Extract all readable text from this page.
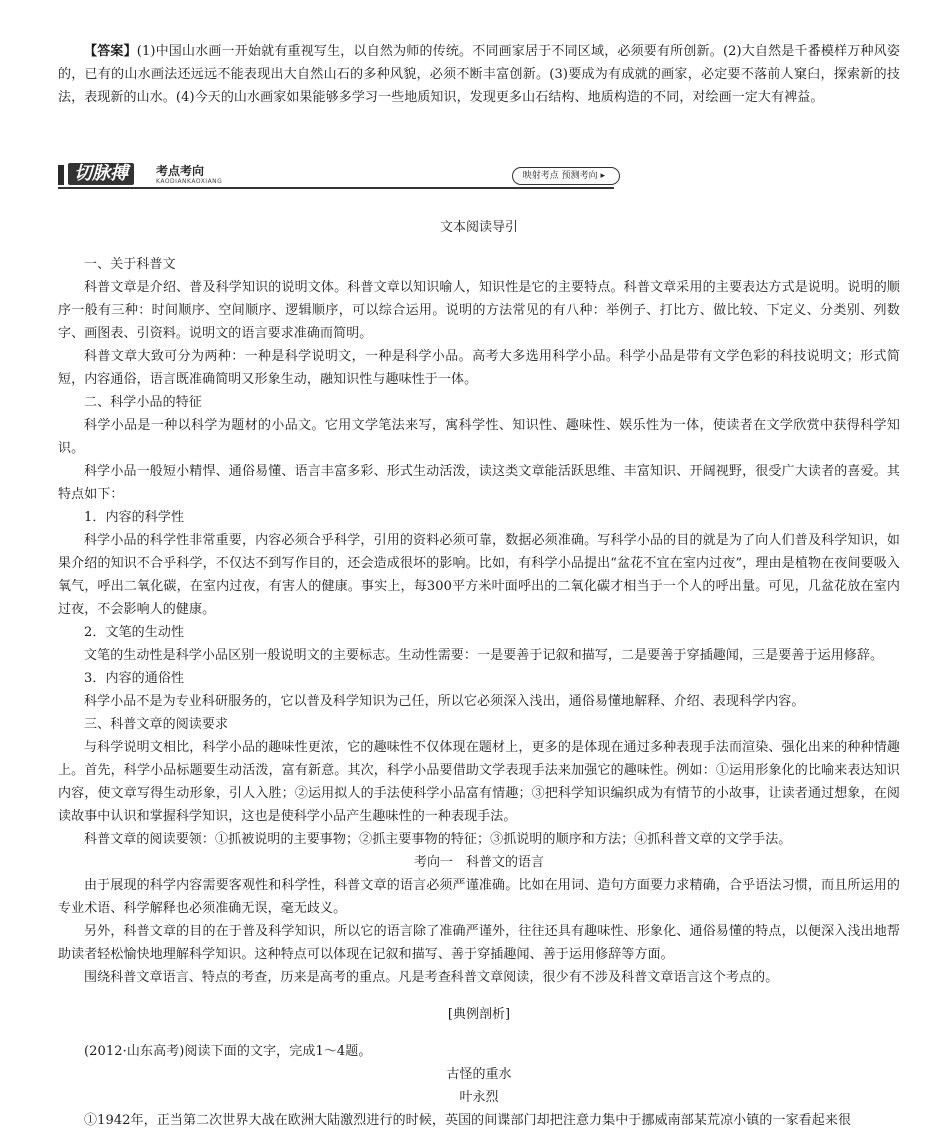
【答案】(1)中国山水画一开始就有重视写生，以自然为师的传统。不同画家居于不同区域，必须要有所创新。(2)大自然是千番模样万种风姿的，已有的山水画法还远远不能表现出大自然山石的多种风貌，必须不断丰富创新。(3)要成为有成就的画家，必定要不落前人窠臼，探索新的技法，表现新的山水。(4)今天的山水画家如果能够多学习一些地质知识，发现更多山石结构、地质构造的不同，对绘画一定大有裨益。

切脉搏	考点考向
KAODIANKAOXIANG
映射考点 预测考向 ▸
文本阅读导引

一、关于科普文

科普文章是介绍、普及科学知识的说明文体。科普文章以知识喻人，知识性是它的主要特点。科普文章采用的主要表达方式是说明。说明的顺序一般有三种：时间顺序、空间顺序、逻辑顺序，可以综合运用。说明的方法常见的有八种：举例子、打比方、做比较、下定义、分类别、列数字、画图表、引资料。说明文的语言要求准确而简明。

科普文章大致可分为两种：一种是科学说明文，一种是科学小品。高考大多选用科学小品。科学小品是带有文学色彩的科技说明文；形式简短，内容通俗，语言既准确简明又形象生动，融知识性与趣味性于一体。

二、科学小品的特征

科学小品是一种以科学为题材的小品文。它用文学笔法来写，寓科学性、知识性、趣味性、娱乐性为一体，使读者在文学欣赏中获得科学知识。

科学小品一般短小精悍、通俗易懂、语言丰富多彩、形式生动活泼，读这类文章能活跃思维、丰富知识、开阔视野，很受广大读者的喜爱。其特点如下：

1．内容的科学性

科学小品的科学性非常重要，内容必须合乎科学，引用的资料必须可靠，数据必须准确。写科学小品的目的就是为了向人们普及科学知识，如果介绍的知识不合乎科学，不仅达不到写作目的，还会造成很坏的影响。比如，有科学小品提出“盆花不宜在室内过夜”，理由是植物在夜间要吸入氧气，呼出二氧化碳，在室内过夜，有害人的健康。事实上，每300平方米叶面呼出的二氧化碳才相当于一个人的呼出量。可见，几盆花放在室内过夜，不会影响人的健康。

2．文笔的生动性

文笔的生动性是科学小品区别一般说明文的主要标志。生动性需要：一是要善于记叙和描写，二是要善于穿插趣闻，三是要善于运用修辞。

3．内容的通俗性

科学小品不是为专业科研服务的，它以普及科学知识为己任，所以它必须深入浅出，通俗易懂地解释、介绍、表现科学内容。

三、科普文章的阅读要求

与科学说明文相比，科学小品的趣味性更浓，它的趣味性不仅体现在题材上，更多的是体现在通过多种表现手法而渲染、强化出来的种种情趣上。首先，科学小品标题要生动活泼，富有新意。其次，科学小品要借助文学表现手法来加强它的趣味性。例如：①运用形象化的比喻来表达知识内容，使文章写得生动形象，引人入胜；②运用拟人的手法使科学小品富有情趣；③把科学知识编织成为有情节的小故事，让读者通过想象，在阅读故事中认识和掌握科学知识，这也是使科学小品产生趣味性的一种表现手法。

科普文章的阅读要领：①抓被说明的主要事物；②抓主要事物的特征；③抓说明的顺序和方法；④抓科普文章的文学手法。

考向一　科普文的语言

由于展现的科学内容需要客观性和科学性，科普文章的语言必须严谨准确。比如在用词、造句方面要力求精确，合乎语法习惯，而且所运用的专业术语、科学解释也必须准确无误，毫无歧义。

另外，科普文章的目的在于普及科学知识，所以它的语言除了准确严谨外，往往还具有趣味性、形象化、通俗易懂的特点，以便深入浅出地帮助读者轻松愉快地理解科学知识。这种特点可以体现在记叙和描写、善于穿插趣闻、善于运用修辞等方面。

围绕科普文章语言、特点的考查，历来是高考的重点。凡是考查科普文章阅读，很少有不涉及科普文章语言这个考点的。

[典例剖析]

(2012·山东高考)阅读下面的文字，完成1～4题。

古怪的重水
叶永烈

①1942年，正当第二次世界大战在欧洲大陆激烈进行的时候，英国的间谍部门却把注意力集中于挪威南部某荒凉小镇的一家看起来很
